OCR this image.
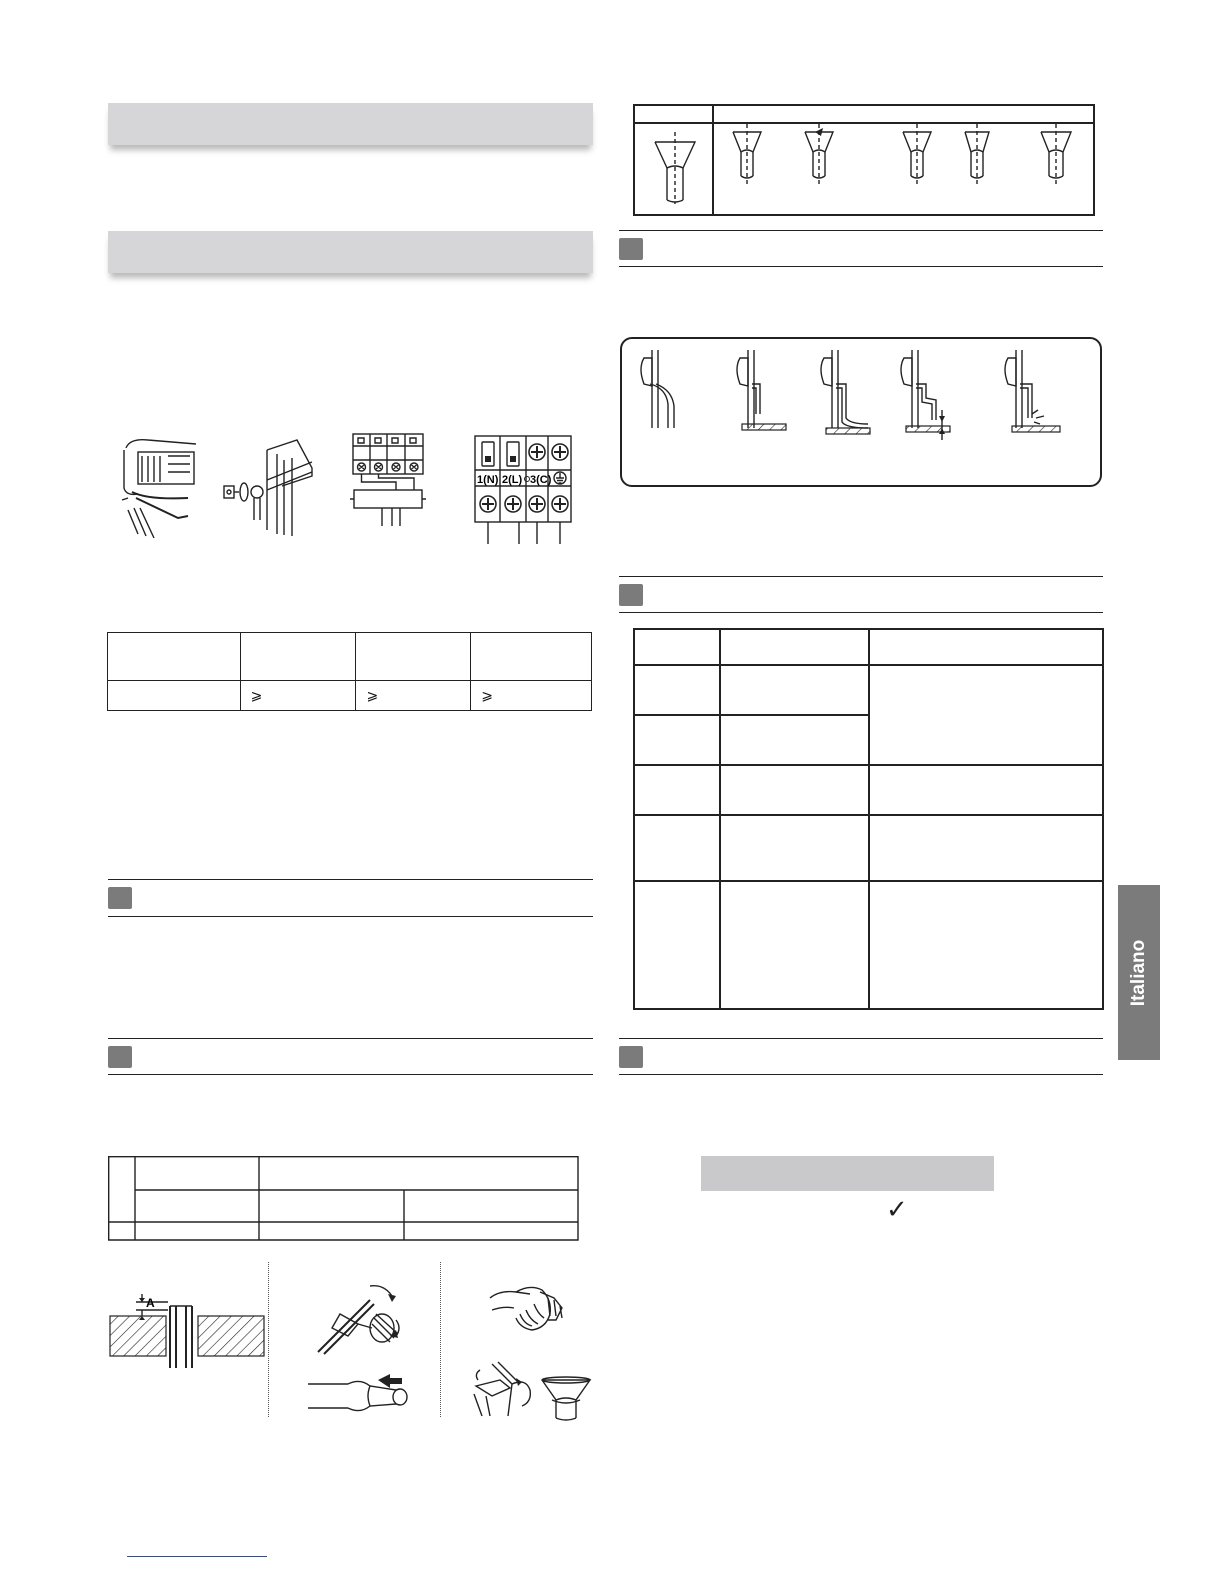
1(N) 2(L) 3(C)

	⩾	⩾	⩾
A
✓
Italiano
